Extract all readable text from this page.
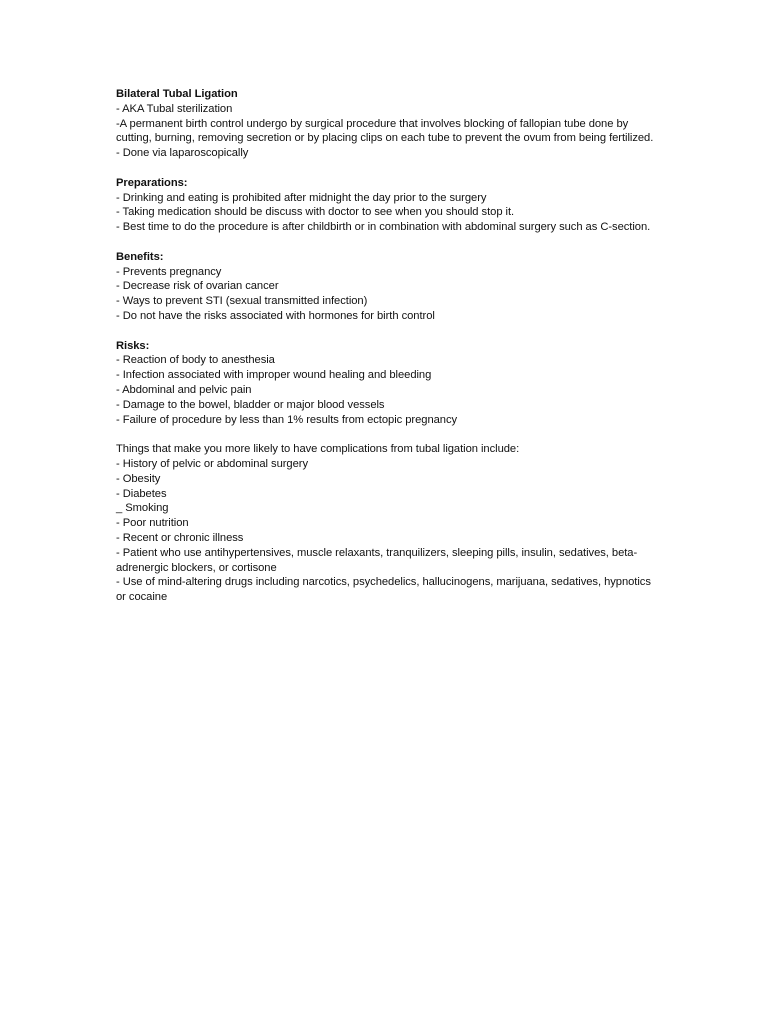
Bilateral Tubal Ligation
- AKA Tubal sterilization
-A permanent birth control undergo by surgical procedure that involves blocking of fallopian tube done by cutting, burning, removing secretion or by placing clips on each tube to prevent the ovum from being fertilized.
- Done via laparoscopically
Preparations:
- Drinking and eating is prohibited after midnight the day prior to the surgery
- Taking medication should be discuss with doctor to see when you should stop it.
- Best time to do the procedure is after childbirth or in combination with abdominal surgery such as C-section.
Benefits:
- Prevents pregnancy
- Decrease risk of ovarian cancer
- Ways to prevent STI (sexual transmitted infection)
- Do not have the risks associated with hormones for birth control
Risks:
- Reaction of body to anesthesia
- Infection associated with improper wound healing and bleeding
- Abdominal and pelvic pain
- Damage to the bowel, bladder or major blood vessels
- Failure of procedure by less than 1% results from ectopic pregnancy
Things that make you more likely to have complications from tubal ligation include:
- History of pelvic or abdominal surgery
- Obesity
- Diabetes
_ Smoking
- Poor nutrition
- Recent or chronic illness
- Patient who use antihypertensives, muscle relaxants, tranquilizers, sleeping pills, insulin, sedatives, beta-adrenergic blockers, or cortisone
- Use of mind-altering drugs including narcotics, psychedelics, hallucinogens, marijuana, sedatives, hypnotics or cocaine
